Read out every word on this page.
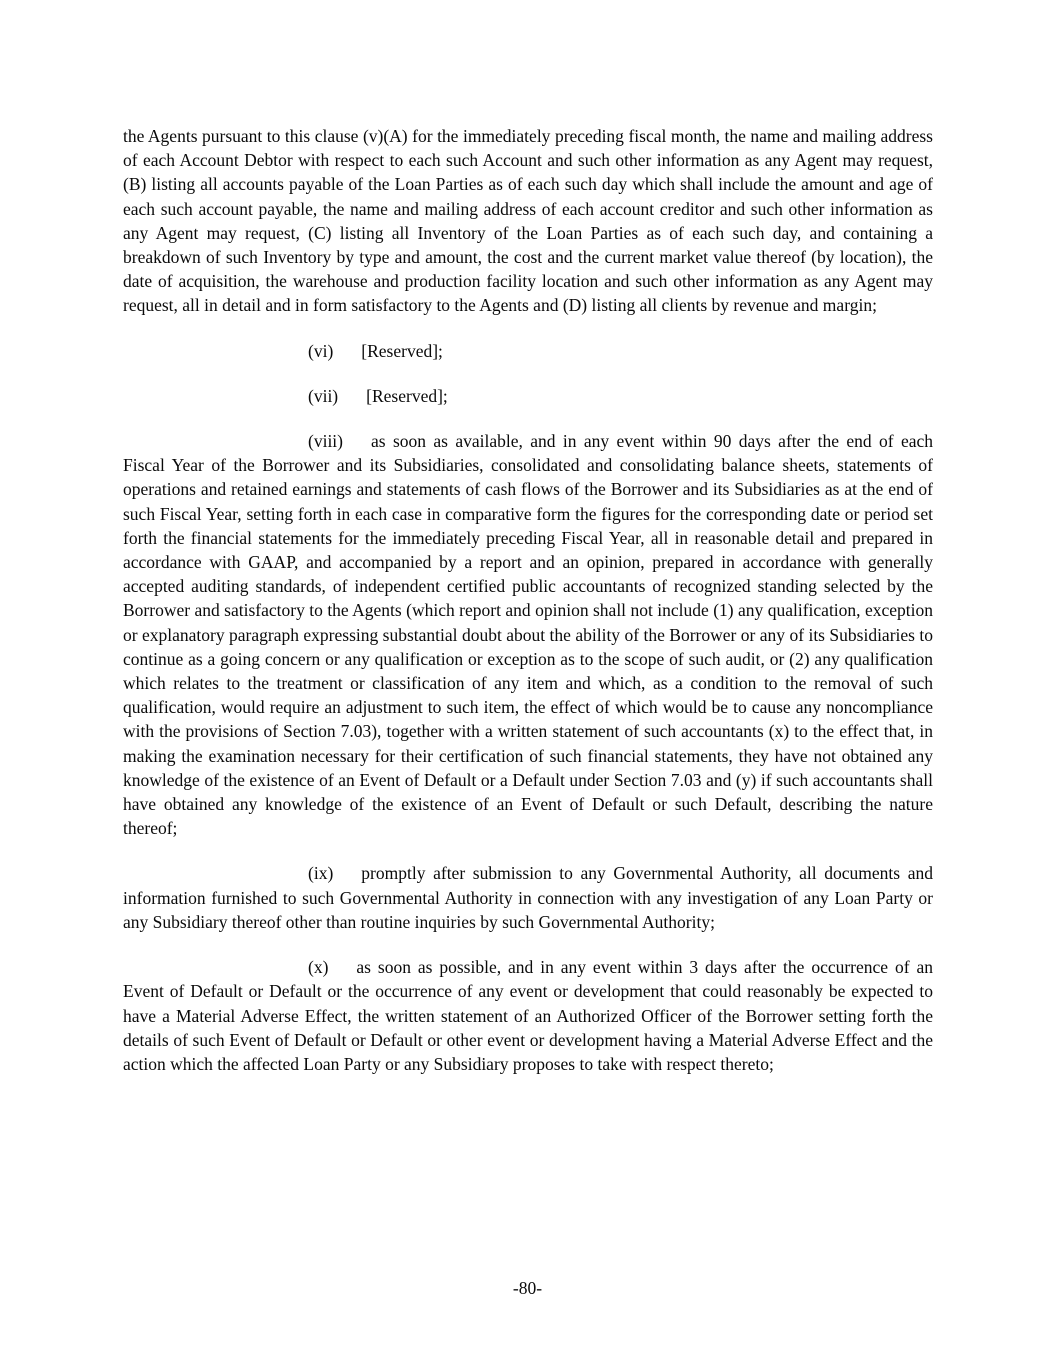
the Agents pursuant to this clause (v)(A) for the immediately preceding fiscal month, the name and mailing address of each Account Debtor with respect to each such Account and such other information as any Agent may request, (B) listing all accounts payable of the Loan Parties as of each such day which shall include the amount and age of each such account payable, the name and mailing address of each account creditor and such other information as any Agent may request, (C) listing all Inventory of the Loan Parties as of each such day, and containing a breakdown of such Inventory by type and amount, the cost and the current market value thereof (by location), the date of acquisition, the warehouse and production facility location and such other information as any Agent may request, all in detail and in form satisfactory to the Agents and (D) listing all clients by revenue and margin;

(vi) [Reserved];

(vii) [Reserved];

(viii) as soon as available, and in any event within 90 days after the end of each Fiscal Year of the Borrower and its Subsidiaries, consolidated and consolidating balance sheets, statements of operations and retained earnings and statements of cash flows of the Borrower and its Subsidiaries as at the end of such Fiscal Year, setting forth in each case in comparative form the figures for the corresponding date or period set forth the financial statements for the immediately preceding Fiscal Year, all in reasonable detail and prepared in accordance with GAAP, and accompanied by a report and an opinion, prepared in accordance with generally accepted auditing standards, of independent certified public accountants of recognized standing selected by the Borrower and satisfactory to the Agents (which report and opinion shall not include (1) any qualification, exception or explanatory paragraph expressing substantial doubt about the ability of the Borrower or any of its Subsidiaries to continue as a going concern or any qualification or exception as to the scope of such audit, or (2) any qualification which relates to the treatment or classification of any item and which, as a condition to the removal of such qualification, would require an adjustment to such item, the effect of which would be to cause any noncompliance with the provisions of Section 7.03), together with a written statement of such accountants (x) to the effect that, in making the examination necessary for their certification of such financial statements, they have not obtained any knowledge of the existence of an Event of Default or a Default under Section 7.03 and (y) if such accountants shall have obtained any knowledge of the existence of an Event of Default or such Default, describing the nature thereof;

(ix) promptly after submission to any Governmental Authority, all documents and information furnished to such Governmental Authority in connection with any investigation of any Loan Party or any Subsidiary thereof other than routine inquiries by such Governmental Authority;

(x) as soon as possible, and in any event within 3 days after the occurrence of an Event of Default or Default or the occurrence of any event or development that could reasonably be expected to have a Material Adverse Effect, the written statement of an Authorized Officer of the Borrower setting forth the details of such Event of Default or Default or other event or development having a Material Adverse Effect and the action which the affected Loan Party or any Subsidiary proposes to take with respect thereto;

-80-
